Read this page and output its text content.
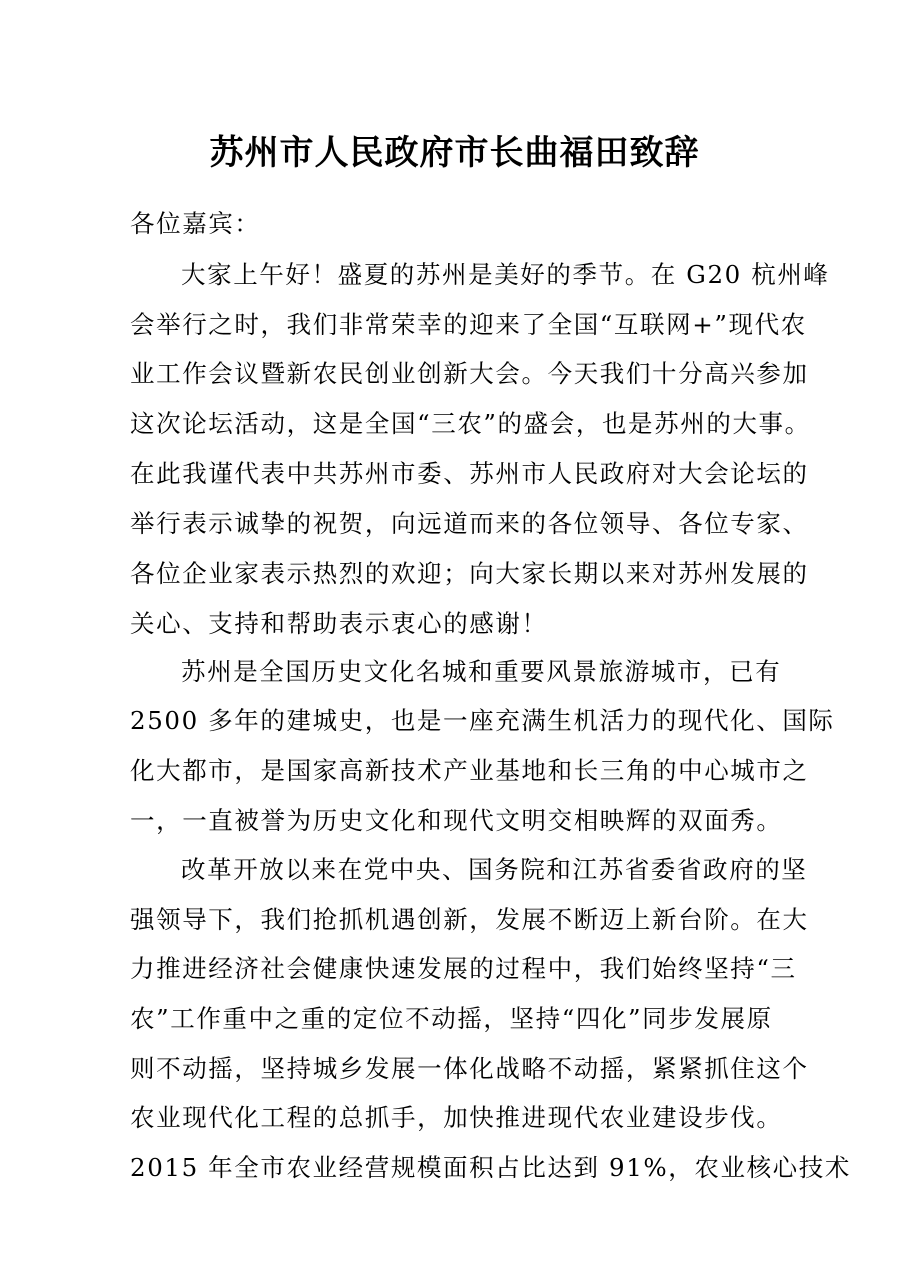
苏州市人民政府市长曲福田致辞
各位嘉宾：
大家上午好！盛夏的苏州是美好的季节。在 G20 杭州峰
会举行之时，我们非常荣幸的迎来了全国“互联网+”现代农
业工作会议暨新农民创业创新大会。今天我们十分高兴参加
这次论坛活动，这是全国“三农”的盛会，也是苏州的大事。
在此我谨代表中共苏州市委、苏州市人民政府对大会论坛的
举行表示诚挚的祝贺，向远道而来的各位领导、各位专家、
各位企业家表示热烈的欢迎；向大家长期以来对苏州发展的
关心、支持和帮助表示衷心的感谢！
苏州是全国历史文化名城和重要风景旅游城市，已有
2500 多年的建城史，也是一座充满生机活力的现代化、国际
化大都市，是国家高新技术产业基地和长三角的中心城市之
一，一直被誉为历史文化和现代文明交相映辉的双面秀。
改革开放以来在党中央、国务院和江苏省委省政府的坚
强领导下，我们抢抓机遇创新，发展不断迈上新台阶。在大
力推进经济社会健康快速发展的过程中，我们始终坚持“三
农”工作重中之重的定位不动摇，坚持“四化”同步发展原
则不动摇，坚持城乡发展一体化战略不动摇，紧紧抓住这个
农业现代化工程的总抓手，加快推进现代农业建设步伐。
2015 年全市农业经营规模面积占比达到 91%，农业核心技术
